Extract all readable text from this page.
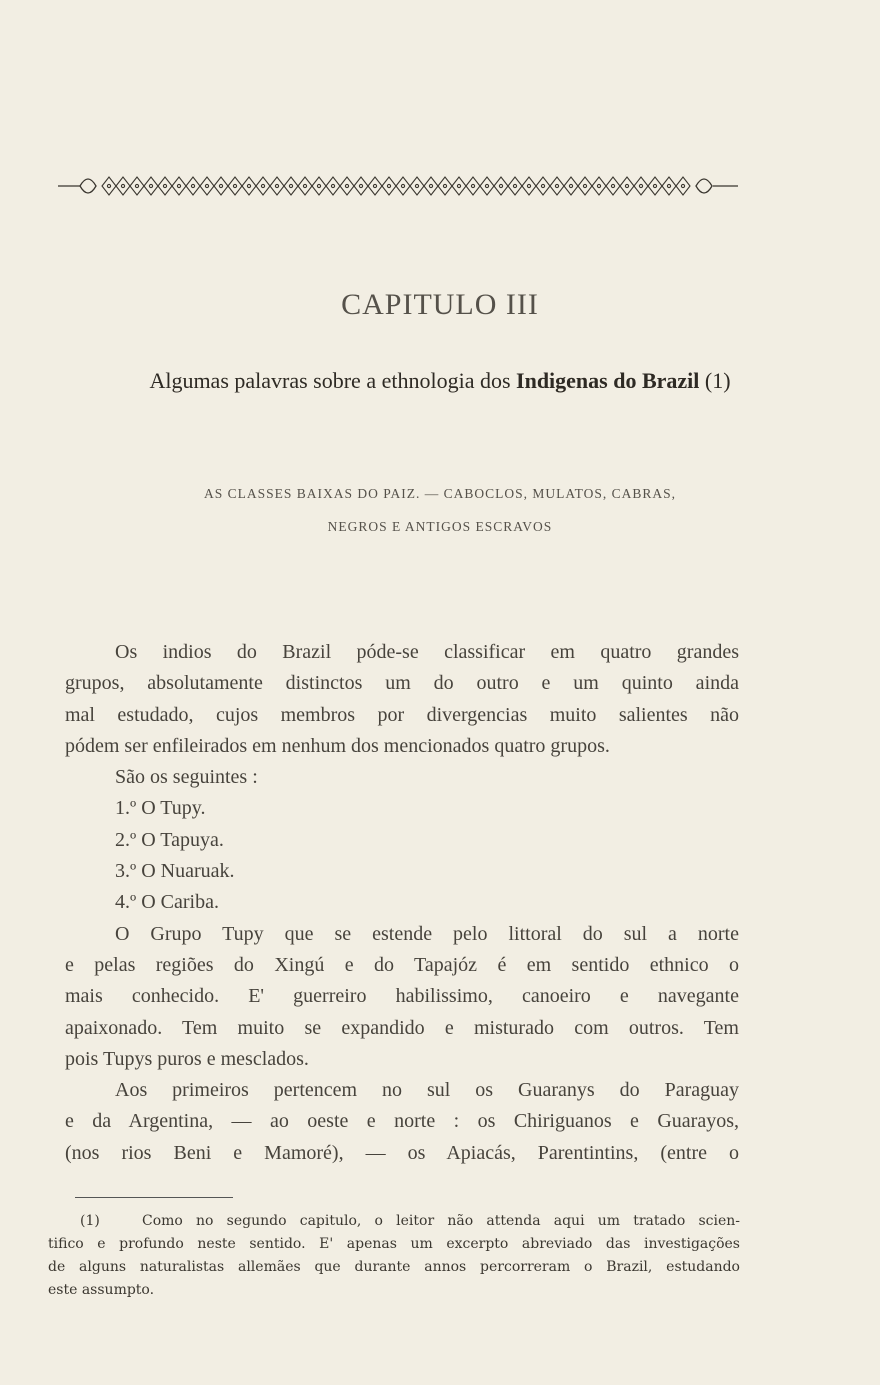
CAPITULO III
Algumas palavras sobre a ethnologia dos Indigenas do Brazil (1)
AS CLASSES BAIXAS DO PAIZ. — CABOCLOS, MULATOS, CABRAS,
NEGROS E ANTIGOS ESCRAVOS

Os indios do Brazil póde-se classificar em quatro grandes

grupos, absolutamente distinctos um do outro e um quinto ainda

mal estudado, cujos membros por divergencias muito salientes não

pódem ser enfileirados em nenhum dos mencionados quatro grupos.

São os seguintes :

1.º O Tupy.

2.º O Tapuya.

3.º O Nuaruak.

4.º O Cariba.

O Grupo Tupy que se estende pelo littoral do sul a norte

e pelas regiões do Xingú e do Tapajóz é em sentido ethnico o

mais conhecido. E' guerreiro habilissimo, canoeiro e navegante

apaixonado. Tem muito se expandido e misturado com outros. Tem

pois Tupys puros e mesclados.

Aos primeiros pertencem no sul os Guaranys do Paraguay

e da Argentina, — ao oeste e norte : os Chiriguanos e Guarayos,

(nos rios Beni e Mamoré), — os Apiacás, Parentintins, (entre o

(1)	Como no segundo capitulo, o leitor não attenda aqui um tratado scien-

tifico e profundo neste sentido. E' apenas um excerpto abreviado das investigações

de alguns naturalistas allemães que durante annos percorreram o Brazil, estudando

este assumpto.
